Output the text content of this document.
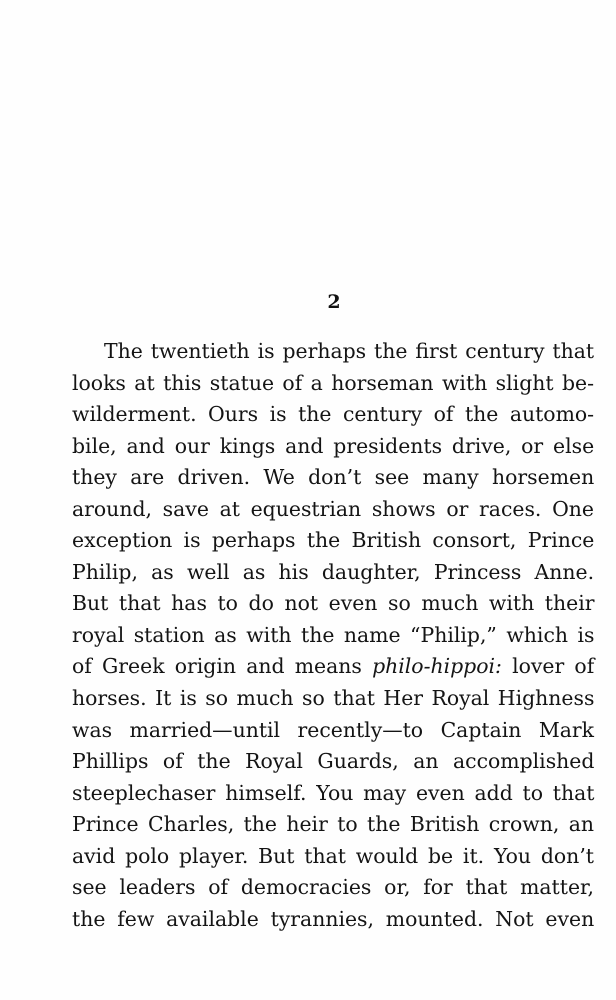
2
The twentieth is perhaps the first century that
looks at this statue of a horseman with slight be-
wilderment. Ours is the century of the automo-
bile, and our kings and presidents drive, or else
they are driven. We don’t see many horsemen
around, save at equestrian shows or races. One
exception is perhaps the British consort, Prince
Philip, as well as his daughter, Princess Anne.
But that has to do not even so much with their
royal station as with the name “Philip,” which is
of Greek origin and means philo-hippoi: lover of
horses. It is so much so that Her Royal Highness
was married—until recently—to Captain Mark
Phillips of the Royal Guards, an accomplished
steeplechaser himself. You may even add to that
Prince Charles, the heir to the British crown, an
avid polo player. But that would be it. You don’t
see leaders of democracies or, for that matter,
the few available tyrannies, mounted. Not even
